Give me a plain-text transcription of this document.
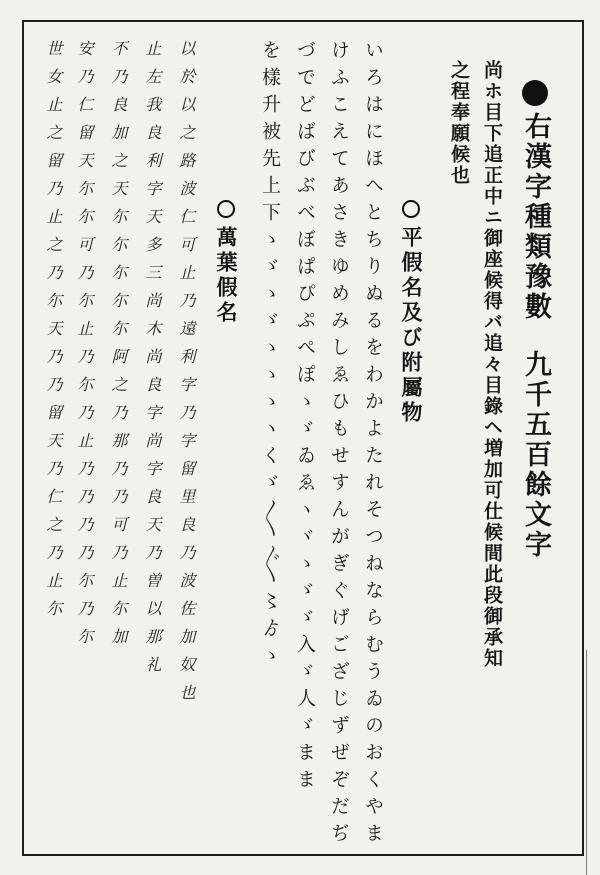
右漢字種類豫數九千五百餘文字
尚ホ目下追正中ニ御座候得バ追々目錄ヘ増加可仕候間此段御承知
之程奉願候也
平假名及び附屬物
いろはにほへとちりぬるをわかよたれそつねならむうゐのおくやま
けふこえてあさきゆめみしゑひもせすんがぎぐげござじずぜぞだぢ
づでどばびぶべぼぱぴぷぺぽゝゞゐゑヽヾゝゞゞ入ゞ人ゞまま
を樣升被先上下ゝゞゝゞゝゝゝヽくゞ〳〵〴〵〻ゟゝ
萬葉假名
以於以之路波仁可止乃遠利字乃字留里良乃波佐加奴也
止左我良利字天多三尚木尚良字尚字良天乃曽以那礼
不乃良加之天尓尓尓尓尓阿之乃那乃乃可乃止尓加
安乃仁留天尓尓可乃尓止乃尓乃止乃乃乃乃尓乃尓
世女止之留乃止之乃尓天乃乃留天乃仁之乃止尓
